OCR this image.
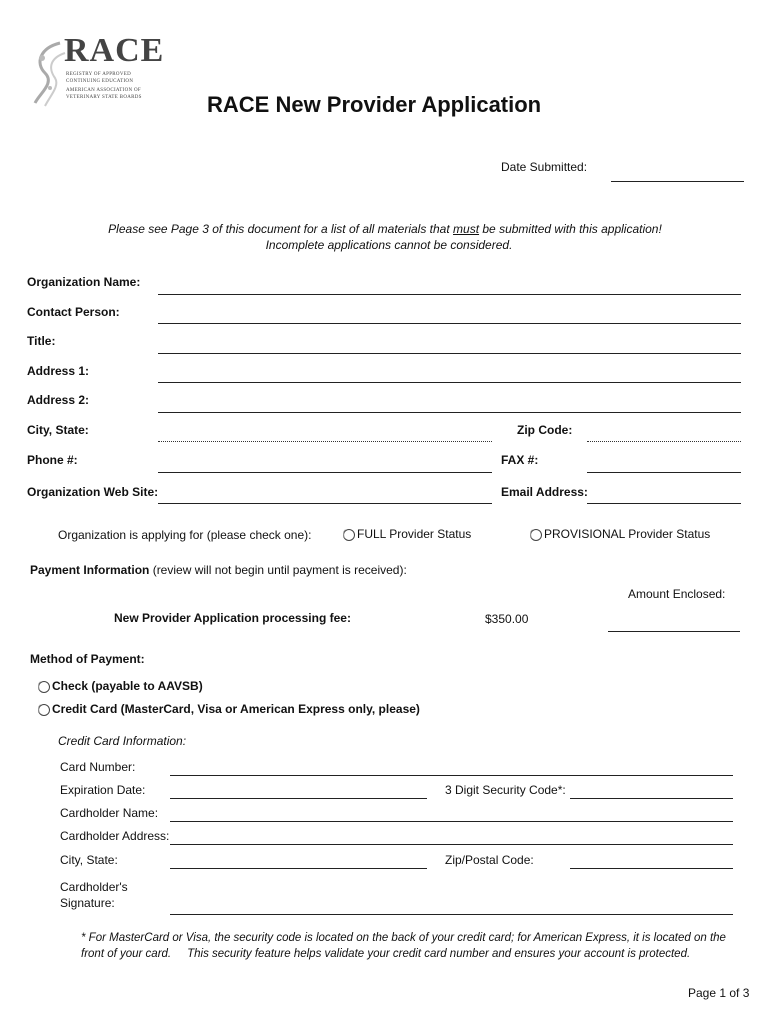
RACE
REGISTRY OF APPROVED
CONTINUING EDUCATION
AMERICAN ASSOCIATION OF
VETERINARY STATE BOARDS	RACE New Provider Application
Date Submitted:
Please see Page 3 of this document for a list of all materials that must be submitted with this application!
Incomplete applications cannot be considered.
Organization Name:
Contact Person:
Title:
Address 1:
Address 2:
City, State:	Zip Code:
Phone #:	FAX #:
Organization Web Site:	Email Address:
Organization is applying for (please check one):	FULL Provider Status	PROVISIONAL Provider Status
Payment Information (review will not begin until payment is received):
Amount Enclosed:
New Provider Application processing fee:	$350.00
Method of Payment:
Check (payable to AAVSB)
Credit Card (MasterCard, Visa or American Express only, please)
Credit Card Information:
Card Number:
Expiration Date:	3 Digit Security Code*:
Cardholder Name:
Cardholder Address:
City, State:	Zip/Postal Code:
Cardholder's
Signature:
* For MasterCard or Visa, the security code is located on the back of your credit card; for American Express, it is located on the
front of your card.     This security feature helps validate your credit card number and ensures your account is protected.
Page 1 of 3
